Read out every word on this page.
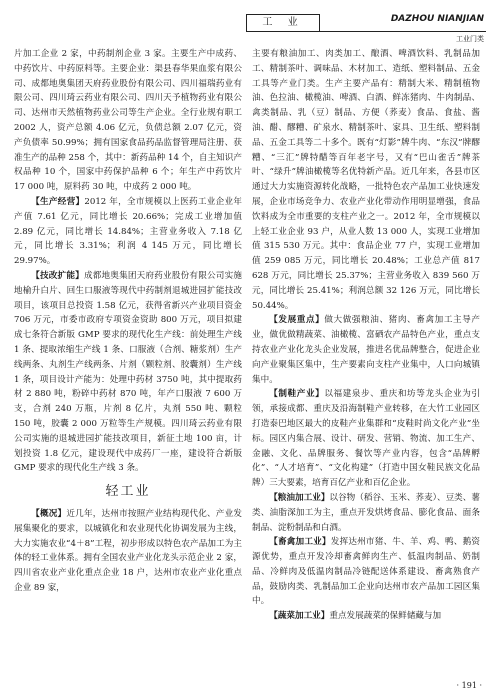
工 业	DAZHOU NIANJIAN
工业门类

片加工企业 2 家，中药制剂企业 3 家。主要生产中成药、中药饮片、中药原料等。主要企业：渠县春华果血浆有限公司、成都地奥集团天府药业股份有限公司、四川福瑞药业有限公司、四川琦云药业有限公司、四川天予植物药业有限公司、达州市天然植物药业公司等生产企业。全行业规有职工 2002 人，资产总额 4.06 亿元，负债总额 2.07 亿元，资产负债率 50.99%；拥有国家食品药品监督管理局注册、获准生产的品种 258 个，其中：新药品种 14 个，自主知识产权品种 10 个，国家中药保护品种 6 个；年生产中药饮片 17 000 吨，原料药 30 吨，中成药 2 000 吨。

【生产经营】2012 年，全市规模以上医药工业企业年产值 7.61 亿元，同比增长 20.66%；完成工业增加值 2.89 亿元，同比增长 14.84%；主营业务收入 7.18 亿元，同比增长 3.31%；利润 4 145 万元，同比增长 29.97%。

【技改扩能】成都地奥集团天府药业股份有限公司实施地榆升白片、回生口服液等现代中药制剂退城进园扩能技改项目，该项目总投资 1.58 亿元，获得省新兴产业项目资金 706 万元，市委市政府专项资金资助 800 万元，项目拟建成七条符合新版 GMP 要求的现代化生产线：前处理生产线 1 条、提取浓缩生产线 1 条、口服液（合剂、糖浆剂）生产线两条、丸剂生产线两条、片剂（颗粒剂、胶囊剂）生产线 1 条，项目设计产能为：处理中药材 3750 吨，其中提取药材 2 880 吨，粉碎中药材 870 吨，年产口服液 7 600 万支，合剂 240 万瓶，片剂 8 亿片，丸剂 550 吨、颗粒 150 吨，胶囊 2 000 万粒等生产规模。四川琦云药业有限公司实施的退城进园扩能技改项目，新征土地 100 亩，计划投资 1.8 亿元，建设现代中成药厂一座，建设符合新版 GMP 要求的现代化生产线 3 条。

轻工业

【概况】近几年，达州市按照产业结构现代化、产业发展集聚化的要求，以城镇化和农业现代化协调发展为主线，大力实施农业“4＋8”工程，初步形成以特色农产品加工为主体的轻工业体系。拥有全国农业产业化龙头示范企业 2 家，四川省农业产业化重点企业 18 户，达州市农业产业化重点企业 89 家，

主要有粮油加工、肉类加工、酿酒、啤酒饮料、乳制品加工、精制茶叶、调味品、木材加工、造纸、塑料制品、五金工具等产业门类。生产主要产品有：精制大米、精制植物油、色拉油、橄榄油、啤酒、白酒、鲜冻猪肉、牛肉制品、禽类制品、乳（豆）制品、方便（荞麦）食品、食盐、酱油、醋、醪糟、矿泉水、精制茶叶、家具、卫生纸、塑料制品、五金工具等二十多个。既有“灯影”牌牛肉、“东汉”牌醪糟、“三汇”牌特醋等百年老字号，又有“巴山雀舌”牌茶叶、“绿升”牌油橄榄等名优特新产品。近几年来，各县市区通过大力实施资源转化战略，一批特色农产品加工业快速发展，企业市场竞争力、农业产业化带动作用明显增强，食品饮料成为全市重要的支柱产业之一。2012 年，全市规模以上轻工业企业 93 户，从业人数 13 000 人，实现工业增加值 315 530 万元。其中：食品企业 77 户，实现工业增加值 259 085 万元，同比增长 20.48%；工业总产值 817 628 万元，同比增长 25.37%；主营业务收入 839 560 万元，同比增长 25.41%；利润总额 32 126 万元，同比增长 50.44%。

【发展重点】做大做强粮油、猪肉、畜禽加工主导产业，做优做精蔬菜、油橄榄、富硒农产品特色产业，重点支持农业产业化龙头企业发展，推进名优品牌整合，促进企业向产业聚集区集中，生产要素向支柱产业集中，人口向城镇集中。

【制鞋产业】以福建泉步、重庆和坊等龙头企业为引领，承接成都、重庆及沿海制鞋产业转移，在大竹工业园区打造泰巴地区最大的皮鞋产业集群和“皮鞋时尚文化产业”坐标。园区内集合展、设计、研发、营销、物流、加工生产、金融、文化、品牌服务、餐饮等产业内容，包含“品牌孵化”、“人才培育”、“文化构建”（打造中国女鞋民族文化品牌）三大要素，培育百亿产业和百亿企业。

【粮油加工业】以谷物（稻谷、玉米、荞麦）、豆类、薯类、油脂深加工为主，重点开发烘烤食品、膨化食品、面条制品、淀粉制品和白酒。

【畜禽加工业】发挥达州市猪、牛、羊、鸡、鸭、鹅资源优势，重点开发冷却畜禽鲜肉生产、低温肉制品、奶制品、冷鲜肉及低温肉制品冷链配送体系建设、畜禽熟食产品，鼓励肉类、乳制品加工企业向达州市农产品加工园区集中。

【蔬菜加工业】重点发展蔬菜的保鲜储藏与加

· 191 ·
